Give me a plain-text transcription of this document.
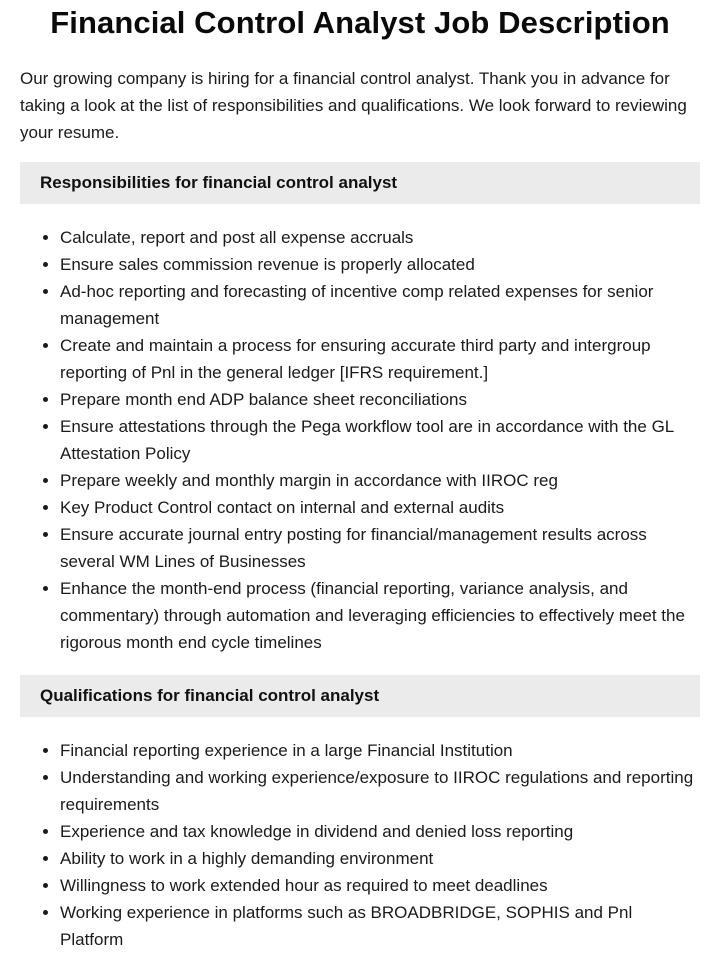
Financial Control Analyst Job Description

Our growing company is hiring for a financial control analyst. Thank you in advance for taking a look at the list of responsibilities and qualifications. We look forward to reviewing your resume.

Responsibilities for financial control analyst
• Calculate, report and post all expense accruals
• Ensure sales commission revenue is properly allocated
• Ad-hoc reporting and forecasting of incentive comp related expenses for senior management
• Create and maintain a process for ensuring accurate third party and intergroup reporting of Pnl in the general ledger [IFRS requirement.]
• Prepare month end ADP balance sheet reconciliations
• Ensure attestations through the Pega workflow tool are in accordance with the GL Attestation Policy
• Prepare weekly and monthly margin in accordance with IIROC reg
• Key Product Control contact on internal and external audits
• Ensure accurate journal entry posting for financial/management results across several WM Lines of Businesses
• Enhance the month-end process (financial reporting, variance analysis, and commentary) through automation and leveraging efficiencies to effectively meet the rigorous month end cycle timelines
Qualifications for financial control analyst
• Financial reporting experience in a large Financial Institution
• Understanding and working experience/exposure to IIROC regulations and reporting requirements
• Experience and tax knowledge in dividend and denied loss reporting
• Ability to work in a highly demanding environment
• Willingness to work extended hour as required to meet deadlines
• Working experience in platforms such as BROADBRIDGE, SOPHIS and Pnl Platform
